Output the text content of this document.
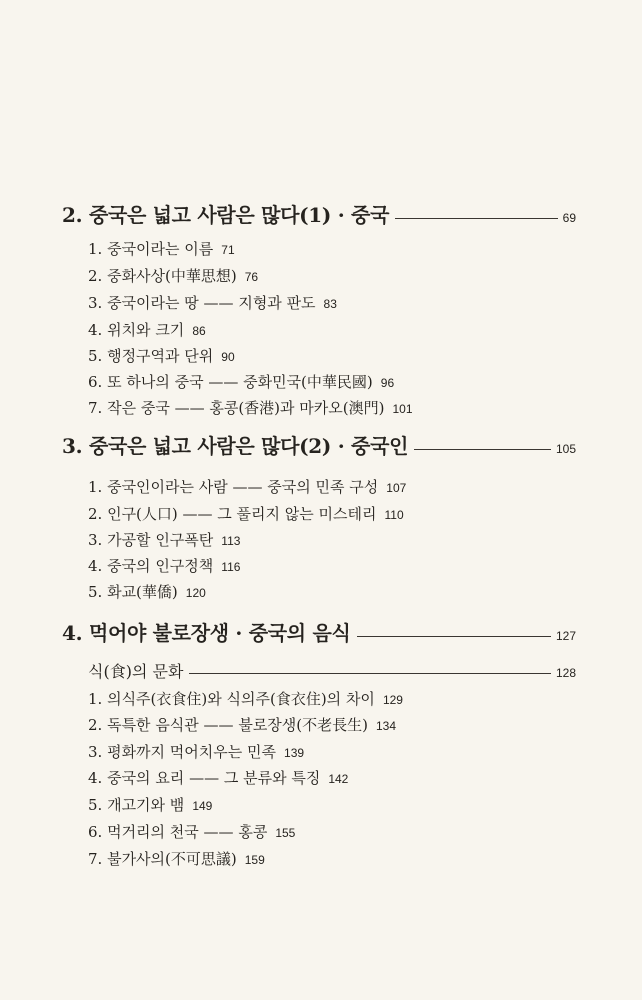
2. 중국은 넓고 사람은 많다(1) · 중국	69
1. 중국이라는 이름 71
2. 중화사상(中華思想) 76
3. 중국이라는 땅 —— 지형과 판도 83
4. 위치와 크기 86
5. 행정구역과 단위 90
6. 또 하나의 중국 —— 중화민국(中華民國) 96
7. 작은 중국 —— 홍콩(香港)과 마카오(澳門) 101
3. 중국은 넓고 사람은 많다(2) · 중국인	105
1. 중국인이라는 사람 —— 중국의 민족 구성 107
2. 인구(人口) —— 그 풀리지 않는 미스테리 110
3. 가공할 인구폭탄 113
4. 중국의 인구정책 116
5. 화교(華僑) 120
4. 먹어야 불로장생 · 중국의 음식	127
식(食)의 문화	128
1. 의식주(衣食住)와 식의주(食衣住)의 차이 129
2. 독특한 음식관 —— 불로장생(不老長生) 134
3. 평화까지 먹어치우는 민족 139
4. 중국의 요리 —— 그 분류와 특징 142
5. 개고기와 뱀 149
6. 먹거리의 천국 —— 홍콩 155
7. 불가사의(不可思議) 159
